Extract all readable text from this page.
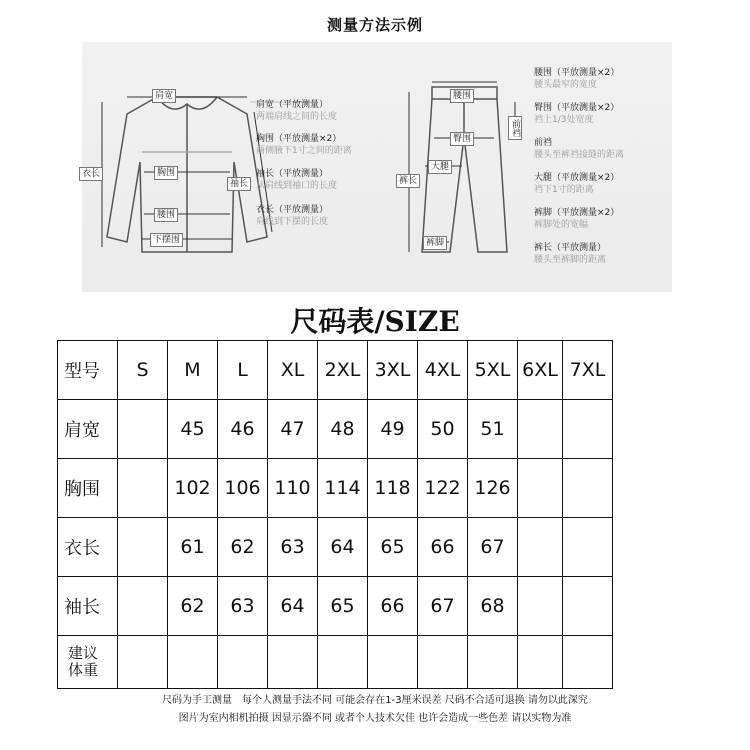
测量方法示例
肩宽
胸围
腰围
下摆围
衣长
袖长
肩宽（平放测量）
两端肩线之间的长度
胸围（平放测量×2）
两侧腋下1寸之间的距离
袖长（平放测量）
从肩线到袖口的长度
衣长（平放测量）
肩线到下摆的长度
腰围
臀围
前裆
大腿
裤长
裤脚
腰围（平放测量×2）
腰头最窄的宽度
臀围（平放测量×2）
裆上1/3处宽度
前裆
腰头至裤裆接缝的距离
大腿（平放测量×2）
裆下1寸的距离
裤脚（平放测量×2）
裤脚处的宽幅
裤长（平放测量）
腰头至裤脚的距离
尺码表/SIZE
型号	S	M	L	XL	2XL	3XL	4XL	5XL	6XL	7XL
肩宽		45	46	47	48	49	50	51		
胸围		102	106	110	114	118	122	126		
衣长		61	62	63	64	65	66	67		
袖长		62	63	64	65	66	67	68		
建议
体重										
尺码为手工测量　每个人测量手法不同 可能会存在1-3厘米误差 尺码不合适可退换 请勿以此深究
图片为室内相机拍摄 因显示器不同 或者个人技术欠佳 也许会造成一些色差 请以实物为准
